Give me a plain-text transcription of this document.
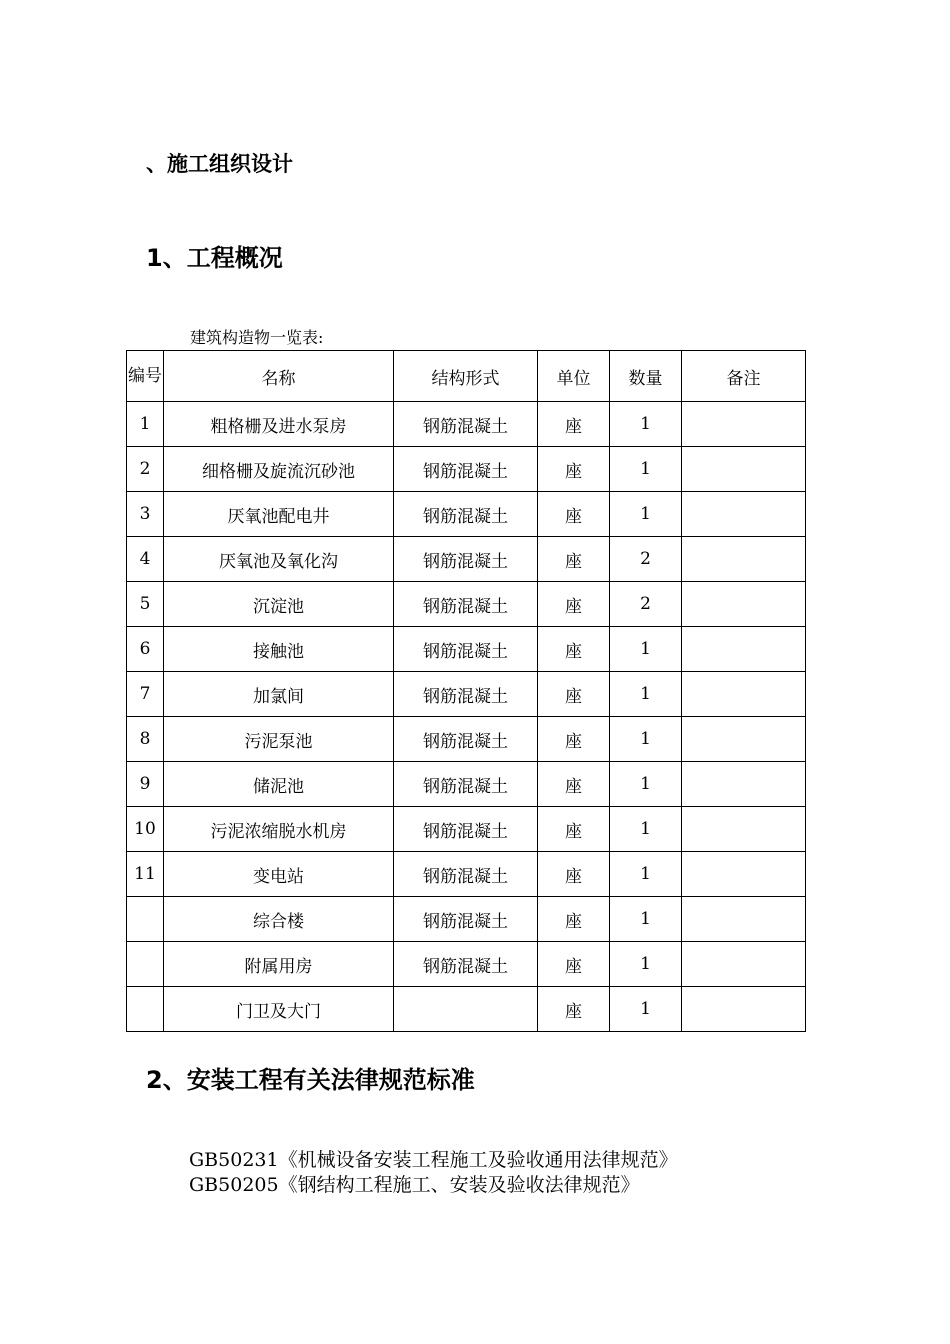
、施工组织设计
1、工程概况
建筑构造物一览表:
编号	名称	结构形式	单位	数量	备注
1	粗格栅及进水泵房	钢筋混凝土	座	1	
2	细格栅及旋流沉砂池	钢筋混凝土	座	1	
3	厌氧池配电井	钢筋混凝土	座	1	
4	厌氧池及氧化沟	钢筋混凝土	座	2	
5	沉淀池	钢筋混凝土	座	2	
6	接触池	钢筋混凝土	座	1	
7	加氯间	钢筋混凝土	座	1	
8	污泥泵池	钢筋混凝土	座	1	
9	储泥池	钢筋混凝土	座	1	
10	污泥浓缩脱水机房	钢筋混凝土	座	1	
11	变电站	钢筋混凝土	座	1	
	综合楼	钢筋混凝土	座	1	
	附属用房	钢筋混凝土	座	1	
	门卫及大门		座	1	
2、安装工程有关法律规范标准
GB50231《机械设备安装工程施工及验收通用法律规范》
GB50205《钢结构工程施工、安装及验收法律规范》
